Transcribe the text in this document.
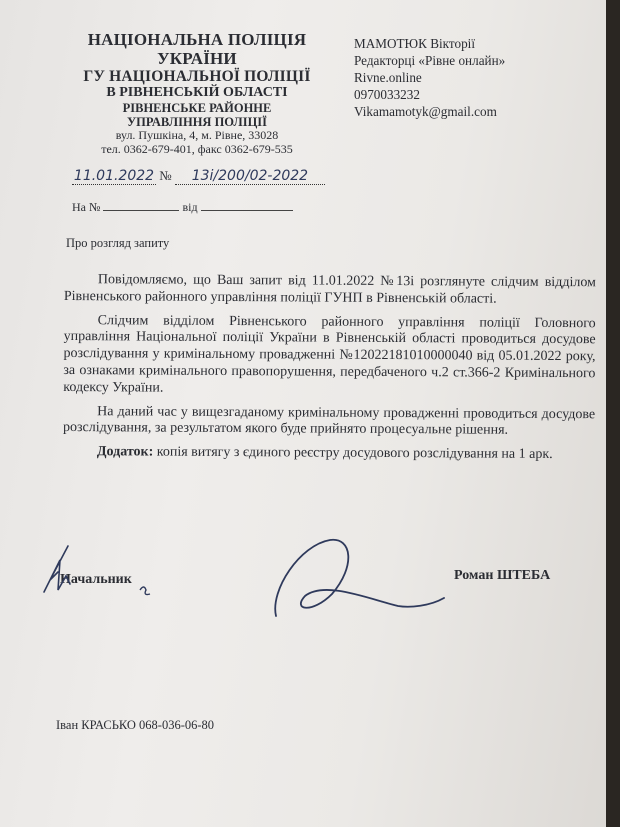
НАЦІОНАЛЬНА ПОЛІЦІЯ
УКРАЇНИ
ГУ НАЦІОНАЛЬНОЇ ПОЛІЦІЇ
В РІВНЕНСЬКІЙ ОБЛАСТІ
РІВНЕНСЬКЕ РАЙОННЕ
УПРАВЛІННЯ ПОЛІЦІЇ
вул. Пушкіна, 4, м. Рівне, 33028
тел. 0362-679-401, факс 0362-679-535
МАМОТЮК Вікторії
Редакторці «Рівне онлайн»
Rivne.online
0970033232
Vikamamotyk@gmail.com
11.01.2022 № 13і/200/02-2022
На №	від
Про розгляд запиту

Повідомляємо, що Ваш запит від 11.01.2022 №13і розглянуте слідчим відділом Рівненського районного управління поліції ГУНП в Рівненській області.

Слідчим відділом Рівненського районного управління поліції Головного управління Національної поліції України в Рівненській області проводиться досудове розслідування у кримінальному провадженні №12022181010000040 від 05.01.2022 року, за ознаками кримінального правопорушення, передбаченого ч.2 ст.366-2 Кримінального кодексу України.

На даний час у вищезгаданому кримінальному провадженні проводиться досудове розслідування, за результатом якого буде прийнято процесуальне рішення.

Додаток: копія витягу з єдиного реєстру досудового розслідування на 1 арк.

Начальник	Роман ШТЕБА
Іван КРАСЬКО 068-036-06-80
